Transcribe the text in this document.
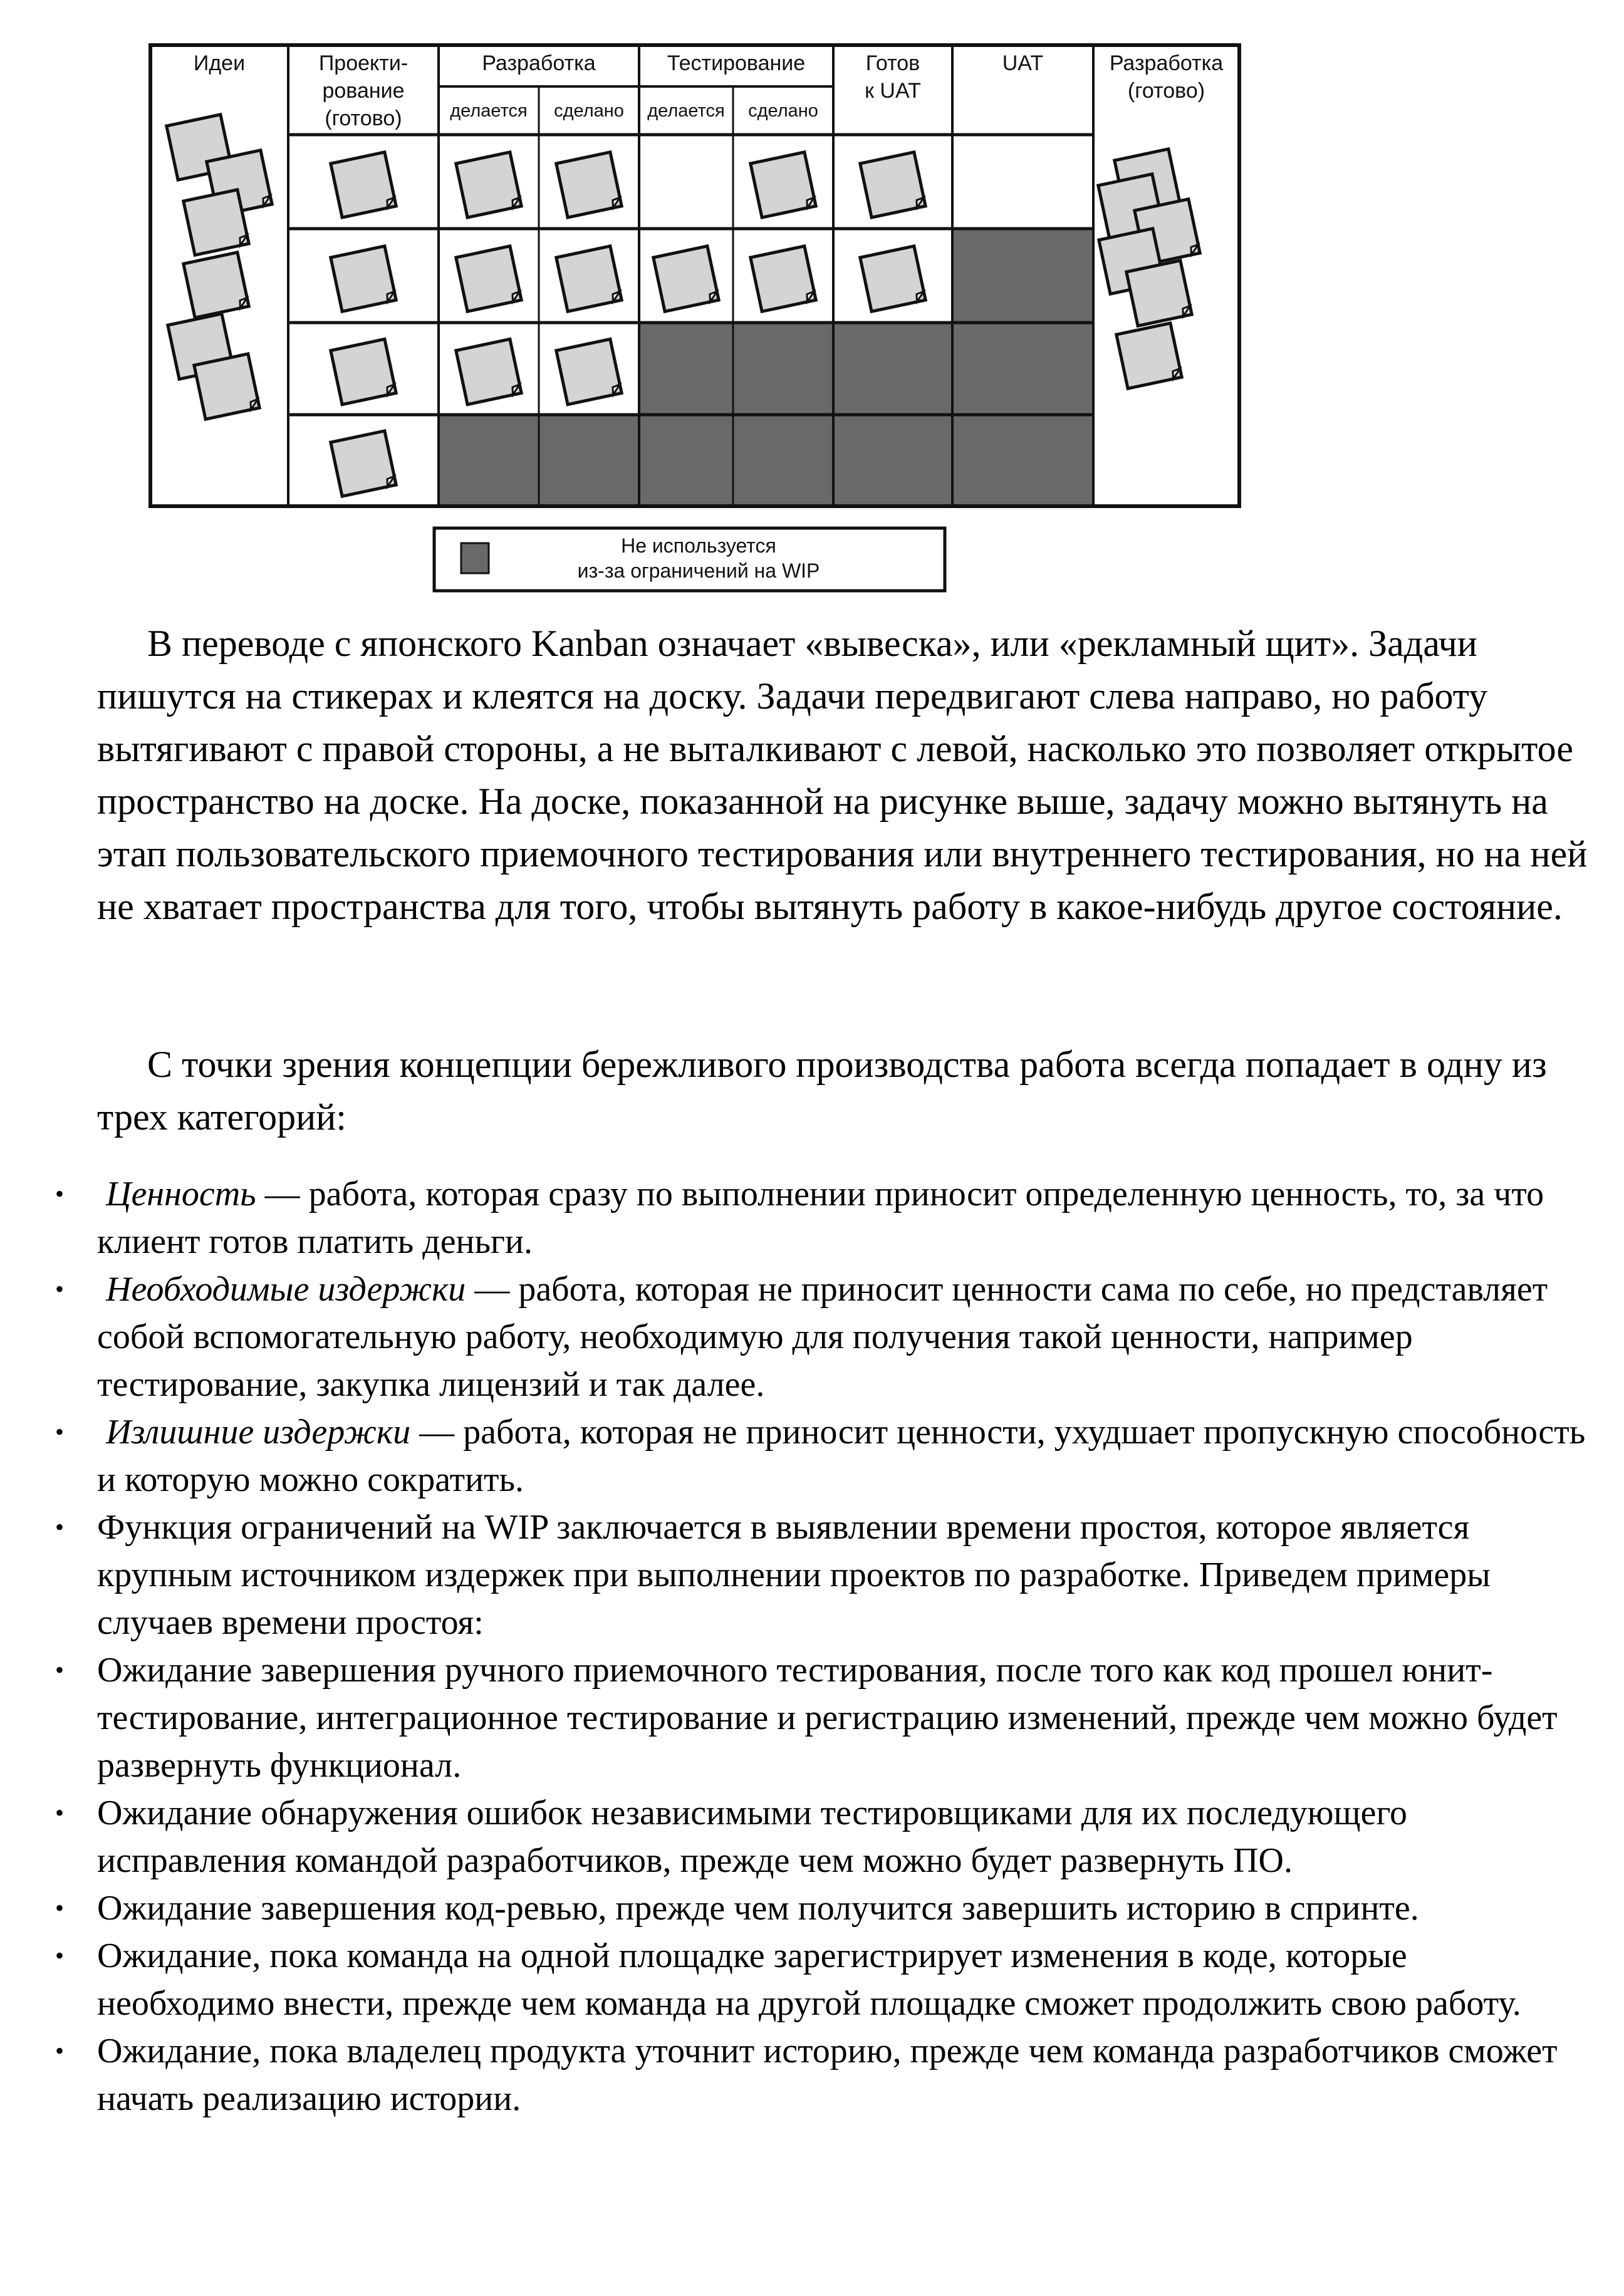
Идеи	Проекти-
рование
(готово)
Разработка
делается сделано
Тестирование
делается сделано
Готов
к UAT
UAT	Разработка
(готово)
Не используется
из-за ограничений на WIP

В переводе с японского Kanban означает «вывеска», или «рекламный щит». Задачи пишутся на стикерах и клеятся на доску. Задачи передвигают слева направо, но работу вытягивают с правой стороны, а не выталкивают с левой, насколько это позволяет открытое пространство на доске. На доске, показанной на рисунке выше, задачу можно вытянуть на этап пользовательского приемочного тестирования или внутреннего тестирования, но на ней не хватает пространства для того, чтобы вытянуть работу в какое-нибудь другое состояние.

С точки зрения концепции бережливого производства работа всегда попадает в одну из трех категорий:

• Ценность — работа, которая сразу по выполнении приносит определенную ценность, то, за что клиент готов платить деньги.
• Необходимые издержки — работа, которая не приносит ценности сама по себе, но представляет собой вспомогательную работу, необходимую для получения такой ценности, например тестирование, закупка лицензий и так далее.
• Излишние издержки — работа, которая не приносит ценности, ухудшает пропускную способность и которую можно сократить.
• Функция ограничений на WIP заключается в выявлении времени простоя, которое является крупным источником издержек при выполнении проектов по разработке. Приведем примеры случаев времени простоя:
• Ожидание завершения ручного приемочного тестирования, после того как код прошел юнит-тестирование, интеграционное тестирование и регистрацию изменений, прежде чем можно будет развернуть функционал.
• Ожидание обнаружения ошибок независимыми тестировщиками для их последующего исправления командой разработчиков, прежде чем можно будет развернуть ПО.
• Ожидание завершения код-ревью, прежде чем получится завершить историю в спринте.
• Ожидание, пока команда на одной площадке зарегистрирует изменения в коде, которые необходимо внести, прежде чем команда на другой площадке сможет продолжить свою работу.
• Ожидание, пока владелец продукта уточнит историю, прежде чем команда разработчиков сможет начать реализацию истории.
